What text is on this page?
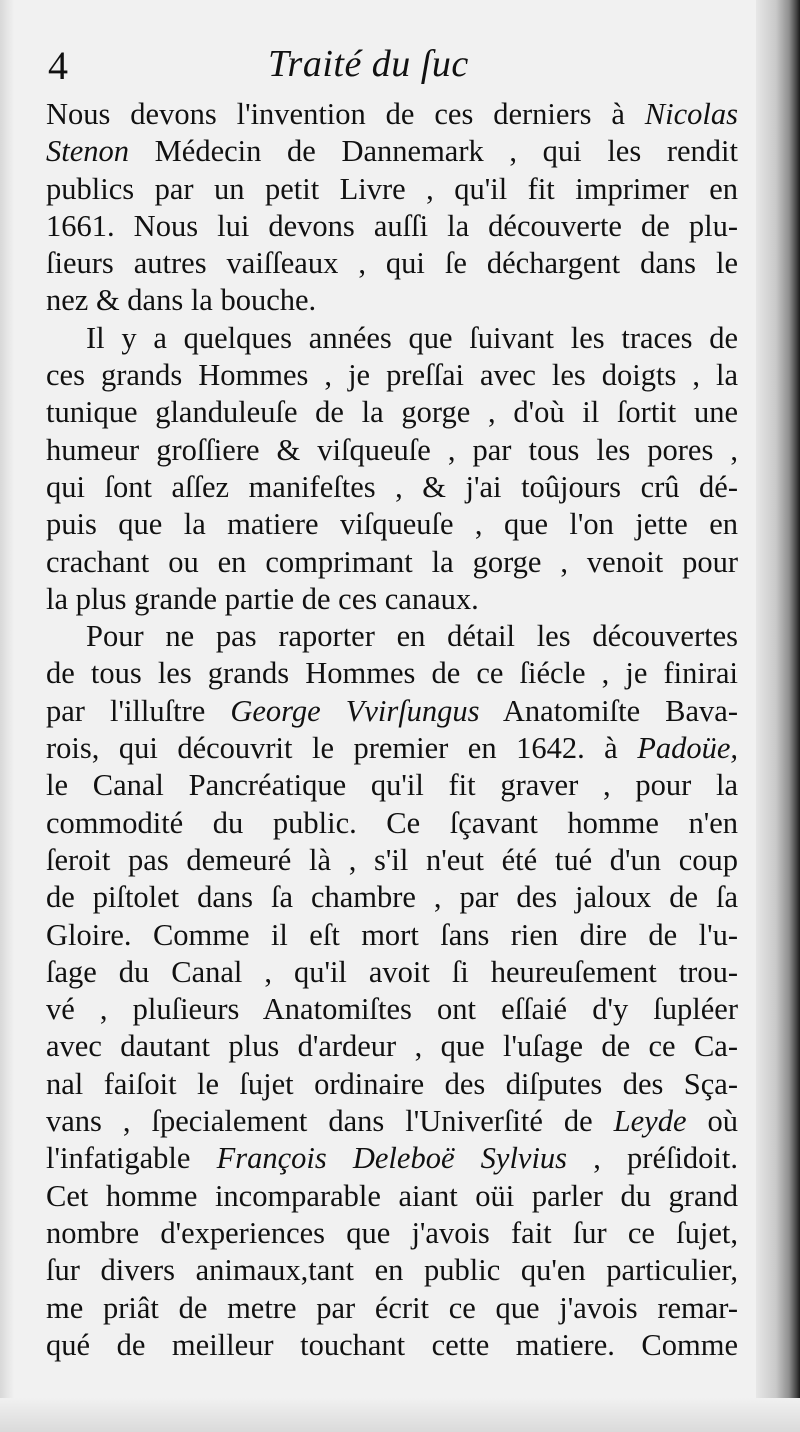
4	Traité du ſuc
Nous devons l'invention de ces derniers à Nicolas
Stenon Médecin de Dannemark , qui les rendit
publics par un petit Livre , qu'il fit imprimer en
1661. Nous lui devons auſſi la découverte de plu-
ſieurs autres vaiſſeaux , qui ſe déchargent dans le
nez & dans la bouche.
Il y a quelques années que ſuivant les traces de
ces grands Hommes , je preſſai avec les doigts , la
tunique glanduleuſe de la gorge , d'où il ſortit une
humeur groſſiere & viſqueuſe , par tous les pores ,
qui ſont aſſez manifeſtes , & j'ai toûjours crû dé-
puis que la matiere viſqueuſe , que l'on jette en
crachant ou en comprimant la gorge , venoit pour
la plus grande partie de ces canaux.
Pour ne pas raporter en détail les découvertes
de tous les grands Hommes de ce ſiécle , je finirai
par l'illuſtre George Vvirſungus Anatomiſte Bava-
rois, qui découvrit le premier en 1642. à Padoüe,
le Canal Pancréatique qu'il fit graver , pour la
commodité du public. Ce ſçavant homme n'en
ſeroit pas demeuré là , s'il n'eut été tué d'un coup
de piſtolet dans ſa chambre , par des jaloux de ſa
Gloire. Comme il eſt mort ſans rien dire de l'u-
ſage du Canal , qu'il avoit ſi heureuſement trou-
vé , pluſieurs Anatomiſtes ont eſſaié d'y ſupléer
avec dautant plus d'ardeur , que l'uſage de ce Ca-
nal faiſoit le ſujet ordinaire des diſputes des Sça-
vans , ſpecialement dans l'Univerſité de Leyde où
l'infatigable François Deleboë Sylvius , préſidoit.
Cet homme incomparable aiant oüi parler du grand
nombre d'experiences que j'avois fait ſur ce ſujet,
ſur divers animaux,tant en public qu'en particulier,
me priât de metre par écrit ce que j'avois remar-
qué de meilleur touchant cette matiere. Comme
